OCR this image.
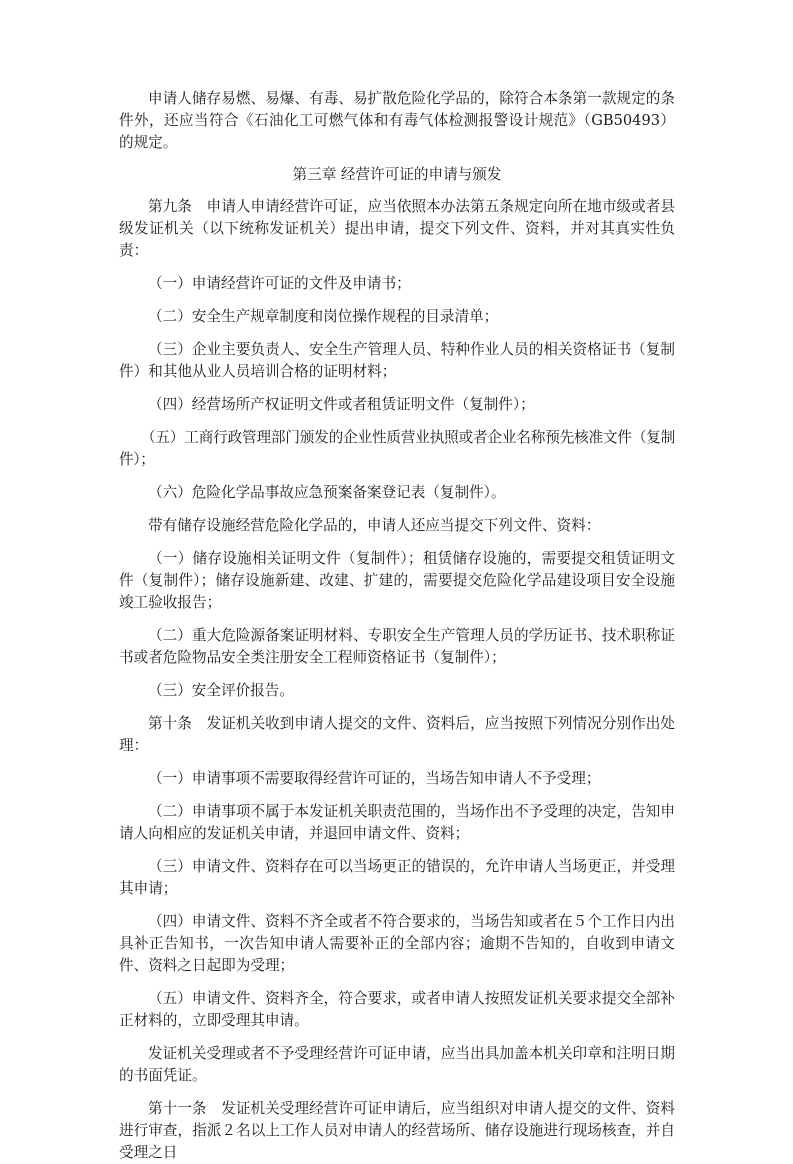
申请人储存易燃、易爆、有毒、易扩散危险化学品的，除符合本条第一款规定的条件外，还应当符合《石油化工可燃气体和有毒气体检测报警设计规范》（GB50493）的规定。

第三章 经营许可证的申请与颁发

第九条　申请人申请经营许可证，应当依照本办法第五条规定向所在地市级或者县级发证机关（以下统称发证机关）提出申请，提交下列文件、资料，并对其真实性负责：

（一）申请经营许可证的文件及申请书；

（二）安全生产规章制度和岗位操作规程的目录清单；

（三）企业主要负责人、安全生产管理人员、特种作业人员的相关资格证书（复制件）和其他从业人员培训合格的证明材料；

（四）经营场所产权证明文件或者租赁证明文件（复制件）；

（五）工商行政管理部门颁发的企业性质营业执照或者企业名称预先核准文件（复制件）；

（六）危险化学品事故应急预案备案登记表（复制件）。

带有储存设施经营危险化学品的，申请人还应当提交下列文件、资料：

（一）储存设施相关证明文件（复制件）；租赁储存设施的，需要提交租赁证明文件（复制件）；储存设施新建、改建、扩建的，需要提交危险化学品建设项目安全设施竣工验收报告；

（二）重大危险源备案证明材料、专职安全生产管理人员的学历证书、技术职称证书或者危险物品安全类注册安全工程师资格证书（复制件）；

（三）安全评价报告。

第十条　发证机关收到申请人提交的文件、资料后，应当按照下列情况分别作出处理：

（一）申请事项不需要取得经营许可证的，当场告知申请人不予受理；

（二）申请事项不属于本发证机关职责范围的，当场作出不予受理的决定，告知申请人向相应的发证机关申请，并退回申请文件、资料；

（三）申请文件、资料存在可以当场更正的错误的，允许申请人当场更正，并受理其申请；

（四）申请文件、资料不齐全或者不符合要求的，当场告知或者在５个工作日内出具补正告知书，一次告知申请人需要补正的全部内容；逾期不告知的，自收到申请文件、资料之日起即为受理；

（五）申请文件、资料齐全，符合要求，或者申请人按照发证机关要求提交全部补正材料的，立即受理其申请。

发证机关受理或者不予受理经营许可证申请，应当出具加盖本机关印章和注明日期的书面凭证。

第十一条　发证机关受理经营许可证申请后，应当组织对申请人提交的文件、资料进行审查，指派２名以上工作人员对申请人的经营场所、储存设施进行现场核查，并自受理之日
